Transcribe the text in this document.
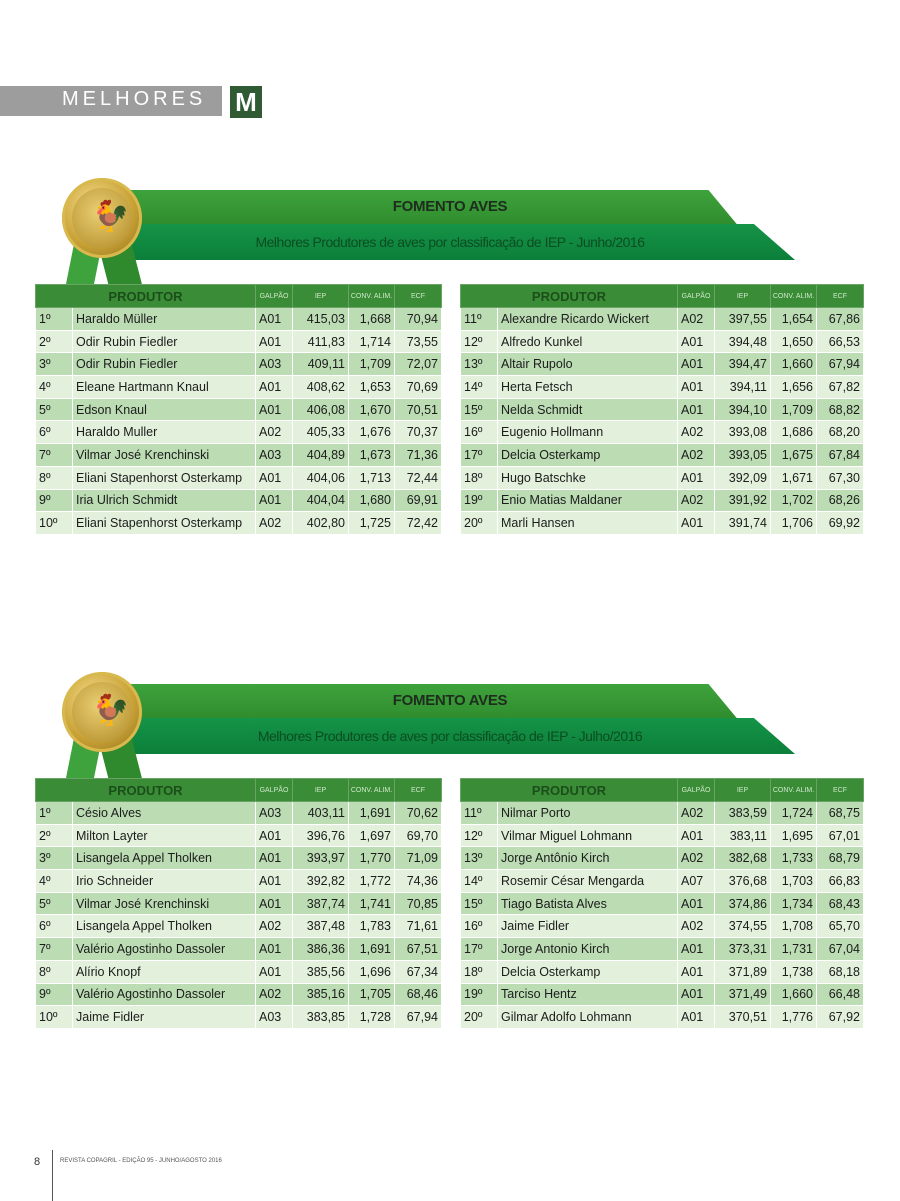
MELHORES M
FOMENTO AVES
Melhores Produtores de aves por classificação de IEP - Junho/2016
🐓
PRODUTOR		GALPÃO	IEP	CONV. ALIM.	ECF
1º	Haraldo Müller	A01	415,03	1,668	70,94
2º	Odir Rubin Fiedler	A01	411,83	1,714	73,55
3º	Odir Rubin Fiedler	A03	409,11	1,709	72,07
4º	Eleane Hartmann Knaul	A01	408,62	1,653	70,69
5º	Edson Knaul	A01	406,08	1,670	70,51
6º	Haraldo Muller	A02	405,33	1,676	70,37
7º	Vilmar José Krenchinski	A03	404,89	1,673	71,36
8º	Eliani Stapenhorst Osterkamp	A01	404,06	1,713	72,44
9º	Iria Ulrich Schmidt	A01	404,04	1,680	69,91
10º	Eliani Stapenhorst Osterkamp	A02	402,80	1,725	72,42
PRODUTOR		GALPÃO	IEP	CONV. ALIM.	ECF
11º	Alexandre Ricardo Wickert	A02	397,55	1,654	67,86
12º	Alfredo Kunkel	A01	394,48	1,650	66,53
13º	Altair Rupolo	A01	394,47	1,660	67,94
14º	Herta Fetsch	A01	394,11	1,656	67,82
15º	Nelda Schmidt	A01	394,10	1,709	68,82
16º	Eugenio Hollmann	A02	393,08	1,686	68,20
17º	Delcia Osterkamp	A02	393,05	1,675	67,84
18º	Hugo Batschke	A01	392,09	1,671	67,30
19º	Enio Matias Maldaner	A02	391,92	1,702	68,26
20º	Marli Hansen	A01	391,74	1,706	69,92
FOMENTO AVES
Melhores Produtores de aves por classificação de IEP - Julho/2016
🐓
PRODUTOR		GALPÃO	IEP	CONV. ALIM.	ECF
1º	Césio Alves	A03	403,11	1,691	70,62
2º	Milton Layter	A01	396,76	1,697	69,70
3º	Lisangela Appel Tholken	A01	393,97	1,770	71,09
4º	Irio Schneider	A01	392,82	1,772	74,36
5º	Vilmar José Krenchinski	A01	387,74	1,741	70,85
6º	Lisangela Appel Tholken	A02	387,48	1,783	71,61
7º	Valério Agostinho Dassoler	A01	386,36	1,691	67,51
8º	Alírio Knopf	A01	385,56	1,696	67,34
9º	Valério Agostinho Dassoler	A02	385,16	1,705	68,46
10º	Jaime Fidler	A03	383,85	1,728	67,94
PRODUTOR		GALPÃO	IEP	CONV. ALIM.	ECF
11º	Nilmar Porto	A02	383,59	1,724	68,75
12º	Vilmar Miguel Lohmann	A01	383,11	1,695	67,01
13º	Jorge Antônio Kirch	A02	382,68	1,733	68,79
14º	Rosemir César Mengarda	A07	376,68	1,703	66,83
15º	Tiago Batista Alves	A01	374,86	1,734	68,43
16º	Jaime Fidler	A02	374,55	1,708	65,70
17º	Jorge Antonio Kirch	A01	373,31	1,731	67,04
18º	Delcia Osterkamp	A01	371,89	1,738	68,18
19º	Tarciso Hentz	A01	371,49	1,660	66,48
20º	Gilmar Adolfo Lohmann	A01	370,51	1,776	67,92
8	REVISTA COPAGRIL - EDIÇÃO 95 - JUNHO/AGOSTO 2016
